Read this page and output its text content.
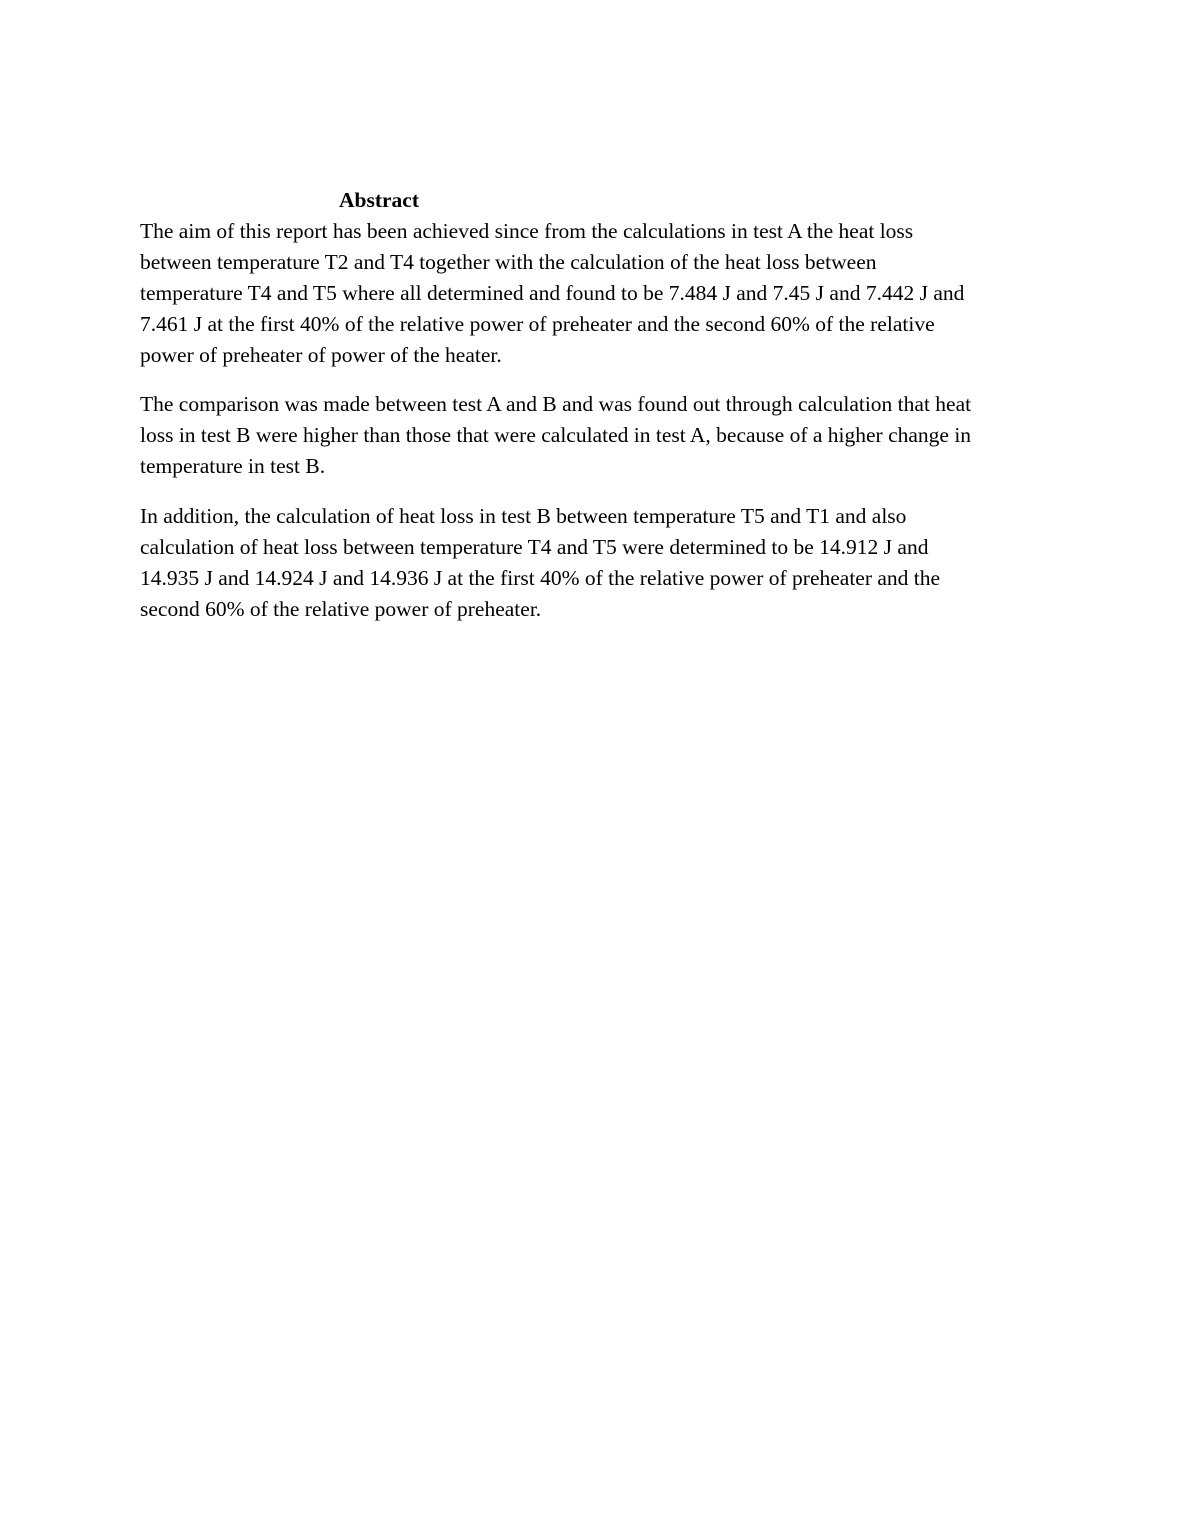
Abstract
The aim of this report has been achieved since from the calculations in test A the heat loss
between temperature T2 and T4 together with the calculation of the heat loss between
temperature T4 and T5 where all determined and found to be 7.484 J and 7.45 J and 7.442 J and
7.461 J at the first 40% of the relative power of preheater and the second 60% of the relative
power of preheater of power of the heater.
The comparison was made between test A and B and was found out through calculation that heat
loss in test B were higher than those that were calculated in test A, because of a higher change in
temperature in test B.
In addition, the calculation of heat loss in test B between temperature T5 and T1 and also
calculation of heat loss between temperature T4 and T5 were determined to be 14.912 J and
14.935 J and 14.924 J and 14.936 J at the first 40% of the relative power of preheater and the
second 60% of the relative power of preheater.
